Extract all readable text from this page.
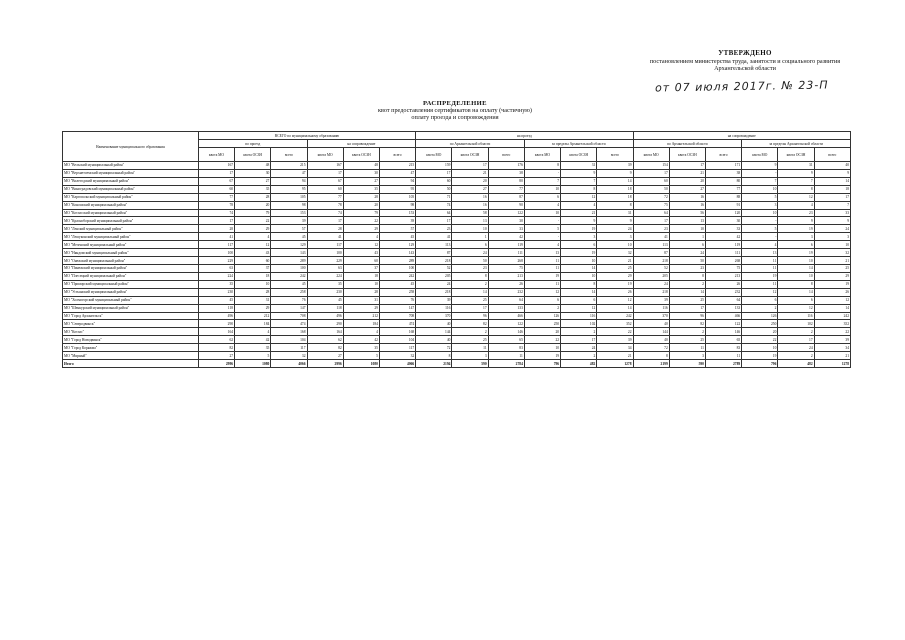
УТВЕРЖДЕНО
постановлением министерства труда, занятости и социального развития
Архангельской области
от 07 июля 2017г. № 23-П
РАСПРЕДЕЛЕНИЕ
квот предоставления сертификатов на оплату (частичную)
оплату проезда и сопровождения
Наименование муниципального образования	ВСЕГО по муниципальному образованию						на проезд						на сопровождение					
	по проезд			на сопровождение			по Архангельской области			за пределы Архангельской области			по Архангельской области			за пределы Архангельской области		
	квота МО	квота ОСЗН	всего	квота МО	квота ОСЗН	всего	квота МО	квота ОСЗН	всего	квота МО	квота ОСЗН	всего	квота МО	квота ОСЗН	всего	квота МО	квота ОСЗН	всего
МО "Вельский муниципальный район"	167	48	215	167	48	215	159	17	176	8	31	39	154	17	171	9	31	40
МО "Верхнетоемский муниципальный район"	17	30	47	17	30	47	17	21	38	-	9	9	17	21	38	-	9	9
МО "Вилегодский муниципальный район"	67	27	94	67	27	94	60	20	80	7	7	14	60	20	80	7	7	14
МО "Виноградовский муниципальный район"	60	35	95	60	35	95	50	27	77	10	8	18	50	27	77	10	8	18
МО "Каргопольский муниципальный район"	77	28	105	77	28	105	71	16	87	6	12	18	72	16	88	5	12	17
МО "Коношский муниципальный район"	78	20	98	78	20	98	74	16	90	4	4	8	75	16	91	3	4	7
МО "Котласский муниципальный район"	74	79	153	74	79	153	64	58	122	10	21	31	64	56	120	10	23	33
МО "Красноборский муниципальный район"	17	22	39	17	22	39	17	13	30	-	9	9	17	13	30	-	9	9
МО "Ленский муниципальный район"	28	29	57	28	29	57	23	10	33	5	19	24	23	10	33	5	19	24
МО "Лешуконский муниципальный район"	41	4	45	41	4	45	41	1	42	-	3	3	41	1	42	-	3	3
МО "Мезенский муниципальный район"	117	12	129	117	12	129	113	6	119	4	6	10	113	6	119	4	6	10
МО "Няндомский муниципальный район"	100	43	143	100	43	143	87	24	111	13	19	32	87	24	111	13	19	32
МО "Онежский муниципальный район"	229	60	289	229	60	289	218	50	268	11	10	21	218	50	268	11	10	21
МО "Пинежский муниципальный район"	63	37	100	63	37	100	52	23	75	11	14	25	52	23	75	11	14	25
МО "Плесецкий муниципальный район"	224	18	242	224	18	242	205	8	213	19	10	29	205	8	213	19	10	29
МО "Приморский муниципальный район"	35	10	45	35	10	45	24	2	26	11	8	19	24	2	26	11	8	19
МО "Устьянский муниципальный район"	230	28	258	230	28	258	218	14	232	12	14	26	218	14	232	12	14	26
МО "Холмогорский муниципальный район"	45	31	76	45	31	76	39	25	64	6	6	12	39	25	64	6	6	12
МО "Шенкурский муниципальный район"	118	29	147	118	29	147	116	17	133	2	12	14	116	17	133	2	12	14
МО "Город Архангельск"	496	212	708	496	212	708	370	96	466	126	116	242	370	96	466	126	116	242
МО "Северодвинск"	290	184	474	290	184	474	40	82	122	250	102	352	40	82	122	250	102	352
МО "Котлас"	164	4	168	164	4	168	144	2	146	20	2	22	144	2	146	20	2	22
МО "Город Новодвинск"	62	42	104	62	42	104	40	25	65	22	17	39	40	25	65	22	17	39
МО "Город Коряжма"	82	35	117	82	35	117	72	11	83	10	24	34	72	11	83	10	24	34
МО "Мирный"	27	5	32	27	5	32	8	3	11	19	2	21	8	3	11	19	2	21
Итого	2996	1080	4066	2996	1080	4066	2194	590	2784	796	482	1278	2199	590	2789	796	482	1278
